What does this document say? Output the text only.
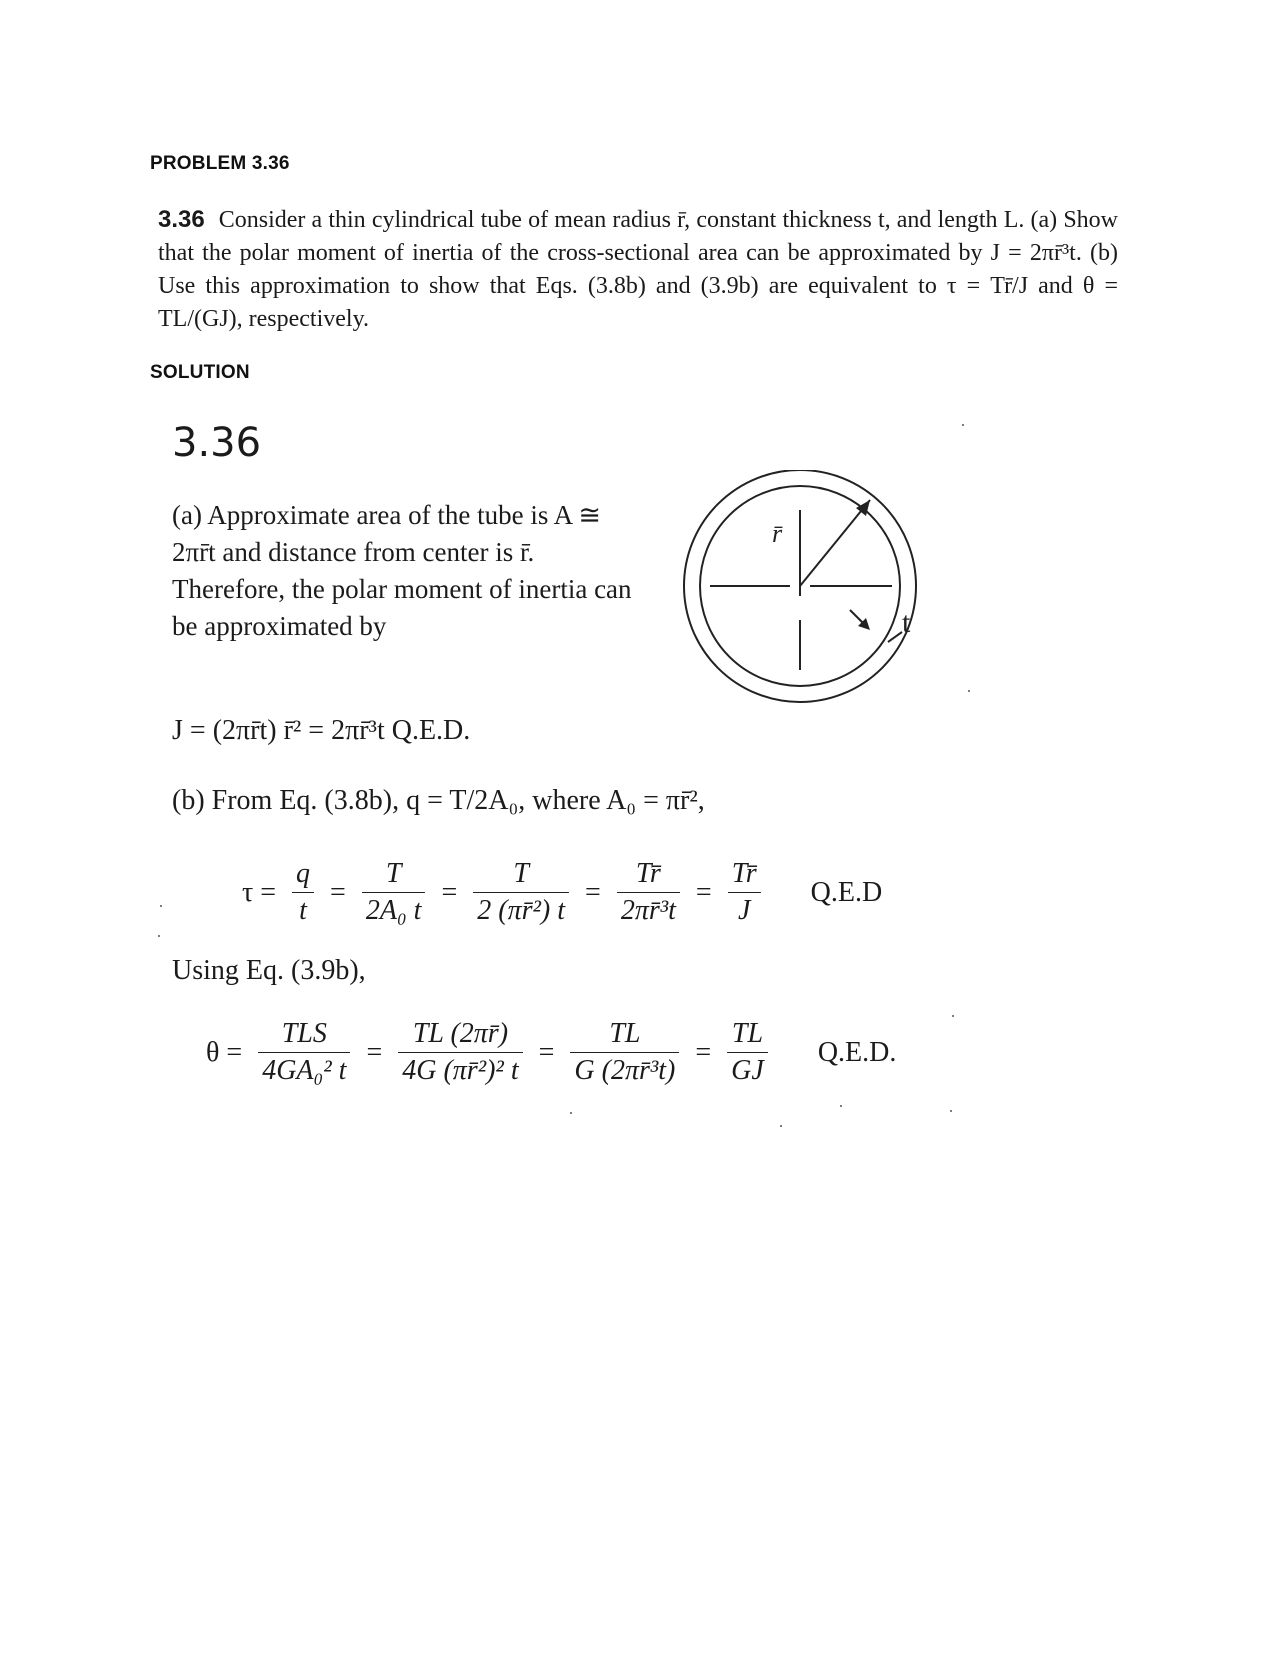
PROBLEM 3.36
3.36 Consider a thin cylindrical tube of mean radius r̄, constant thickness t, and length L. (a) Show that the polar moment of inertia of the cross-sectional area can be approximated by J = 2πr̄³t. (b) Use this approximation to show that Eqs. (3.8b) and (3.9b) are equivalent to τ = Tr̄/J and θ = TL/(GJ), respectively.
SOLUTION
3.36
(a) Approximate area of the tube is A ≅ 2πr̄t and distance from center is r̄. Therefore, the polar moment of inertia can be approximated by
r̄
t
J = (2πr̄t) r̄² = 2πr̄³t Q.E.D.
(b) From Eq. (3.8b), q = T/2A₀, where A₀ = πr̄²,
$\tau = \frac{q}{t} = \frac{T}{\text{2A₀ t}} = \frac{T}{\text{2 (πr̄²) t}} = \frac{Tr̄}{\text{2πr̄³t}} = \frac{Tr̄}{J} Q.E.D$
Using Eq. (3.9b),
$\theta = \frac{\text{TLS}}{\text{4GA₀² t}} = \frac{TL (2\pi r̄)}{\text{4G (πr̄²)² t}} = \frac{TL}{\text{G (2πr̄³t)}} = \frac{TL}{GJ} Q.E.D$.
